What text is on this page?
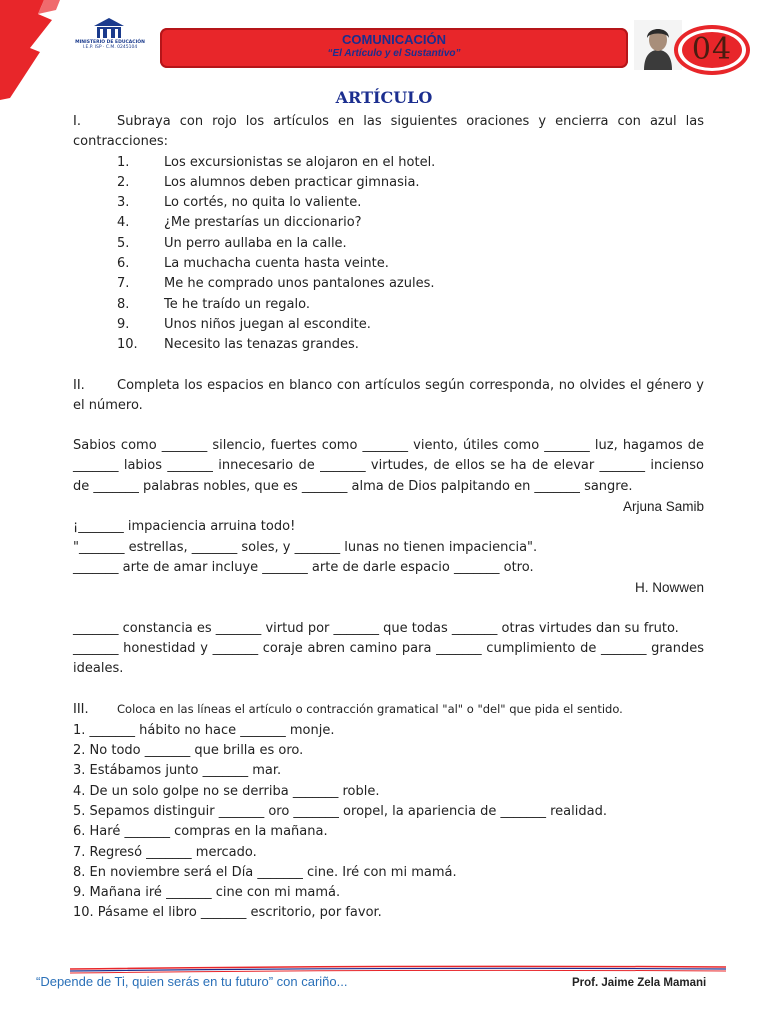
MINISTERIO DE EDUCACIÓN
I.E.P. ISP · C.M. 0245104
COMUNICACIÓN
“El Artículo y el Sustantivo”	04
ARTÍCULO

I.	Subraya con rojo los artículos en las siguientes oraciones y encierra con azul las contracciones:

1.	Los excursionistas se alojaron en el hotel.

2.	Los alumnos deben practicar gimnasia.

3.	Lo cortés, no quita lo valiente.

4.	¿Me prestarías un diccionario?

5.	Un perro aullaba en la calle.

6.	La muchacha cuenta hasta veinte.

7.	Me he comprado unos pantalones azules.

8.	Te he traído un regalo.

9.	Unos niños juegan al escondite.

10. Necesito las tenazas grandes.

II. Completa los espacios en blanco con artículos según corresponda, no olvides el género y el número.

Sabios como _______ silencio, fuertes como _______ viento, útiles como _______ luz, hagamos de _______ labios _______ innecesario de _______ virtudes, de ellos se ha de elevar _______ incienso de _______ palabras nobles, que es _______ alma de Dios palpitando en _______ sangre.

Arjuna Samib

¡_______ impaciencia arruina todo!

"_______ estrellas, _______ soles, y _______ lunas no tienen impaciencia".

_______ arte de amar incluye _______ arte de darle espacio _______ otro.

H. Nowwen

_______ constancia es _______ virtud por _______ que todas _______ otras virtudes dan su fruto.

_______ honestidad y _______ coraje abren camino para _______ cumplimiento de _______ grandes ideales.

III. Coloca en las líneas el artículo o contracción gramatical "al" o "del" que pida el sentido.

1. _______ hábito no hace _______ monje.

2. No todo _______ que brilla es oro.

3. Estábamos junto _______ mar.

4. De un solo golpe no se derriba _______ roble.

5. Sepamos distinguir _______ oro _______ oropel, la apariencia de _______ realidad.

6. Haré _______ compras en la mañana.

7. Regresó _______ mercado.

8. En noviembre será el Día _______ cine. Iré con mi mamá.

9. Mañana iré _______ cine con mi mamá.

10. Pásame el libro _______ escritorio, por favor.

“Depende de Ti, quien serás en tu futuro” con cariño...	Prof. Jaime Zela Mamani
